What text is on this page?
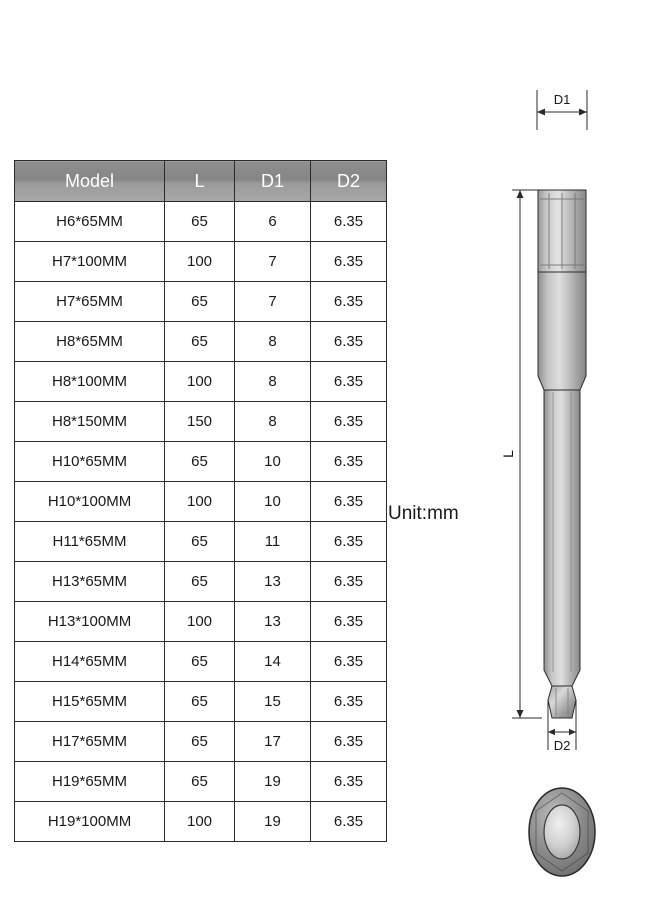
Model	L	D1	D2
H6*65MM	65	6	6.35
H7*100MM	100	7	6.35
H7*65MM	65	7	6.35
H8*65MM	65	8	6.35
H8*100MM	100	8	6.35
H8*150MM	150	8	6.35
H10*65MM	65	10	6.35
H10*100MM	100	10	6.35
H11*65MM	65	11	6.35
H13*65MM	65	13	6.35
H13*100MM	100	13	6.35
H14*65MM	65	14	6.35
H15*65MM	65	15	6.35
H17*65MM	65	17	6.35
H19*65MM	65	19	6.35
H19*100MM	100	19	6.35
Unit:mm
D1
L
D2
